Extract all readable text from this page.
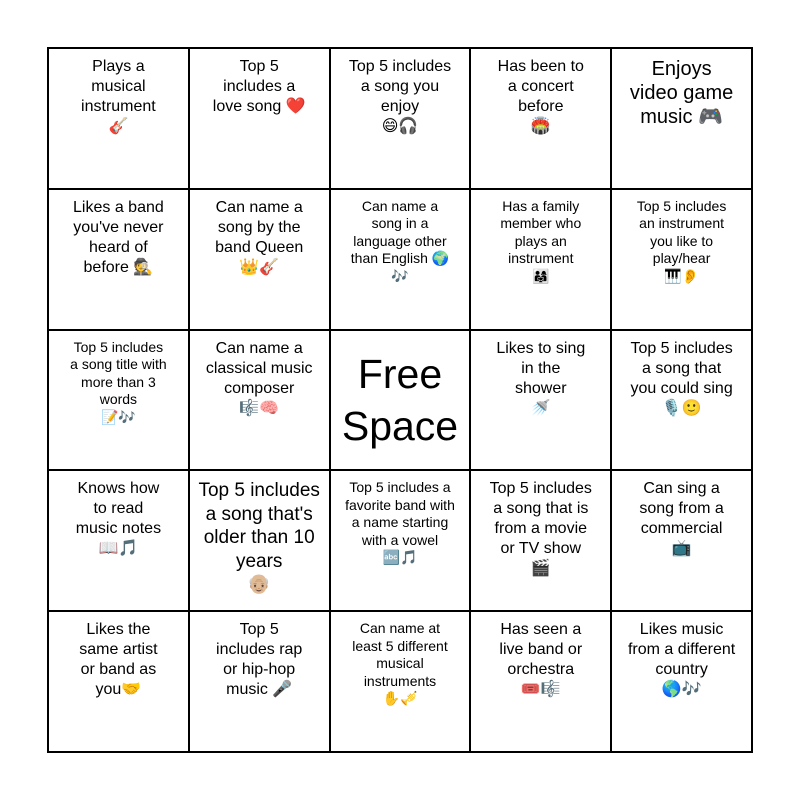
Plays a
musical
instrument
🎸
Top 5
includes a
love song ❤️
Top 5 includes
a song you
enjoy
😄🎧
Has been to
a concert
before
🏟️
Enjoys
video game
music 🎮
Likes a band
you've never
heard of
before 🕵️
Can name a
song by the
band Queen
👑🎸
Can name a
song in a
language other
than English 🌍
🎶
Has a family
member who
plays an
instrument
👨‍👩‍👧
Top 5 includes
an instrument
you like to
play/hear
🎹👂
Top 5 includes
a song title with
more than 3
words
📝🎶
Can name a
classical music
composer
🎼🧠
Free
Space
Likes to sing
in the
shower
🚿
Top 5 includes
a song that
you could sing
🎙️🙂
Knows how
to read
music notes
📖🎵
Top 5 includes
a song that's
older than 10
years
👴🏼
Top 5 includes a
favorite band with
a name starting
with a vowel
🔤🎵
Top 5 includes
a song that is
from a movie
or TV show
🎬
Can sing a
song from a
commercial
📺
Likes the
same artist
or band as
you🤝
Top 5
includes rap
or hip-hop
music 🎤
Can name at
least 5 different
musical
instruments
✋🎺
Has seen a
live band or
orchestra
🎟️🎼
Likes music
from a different
country
🌎🎶
